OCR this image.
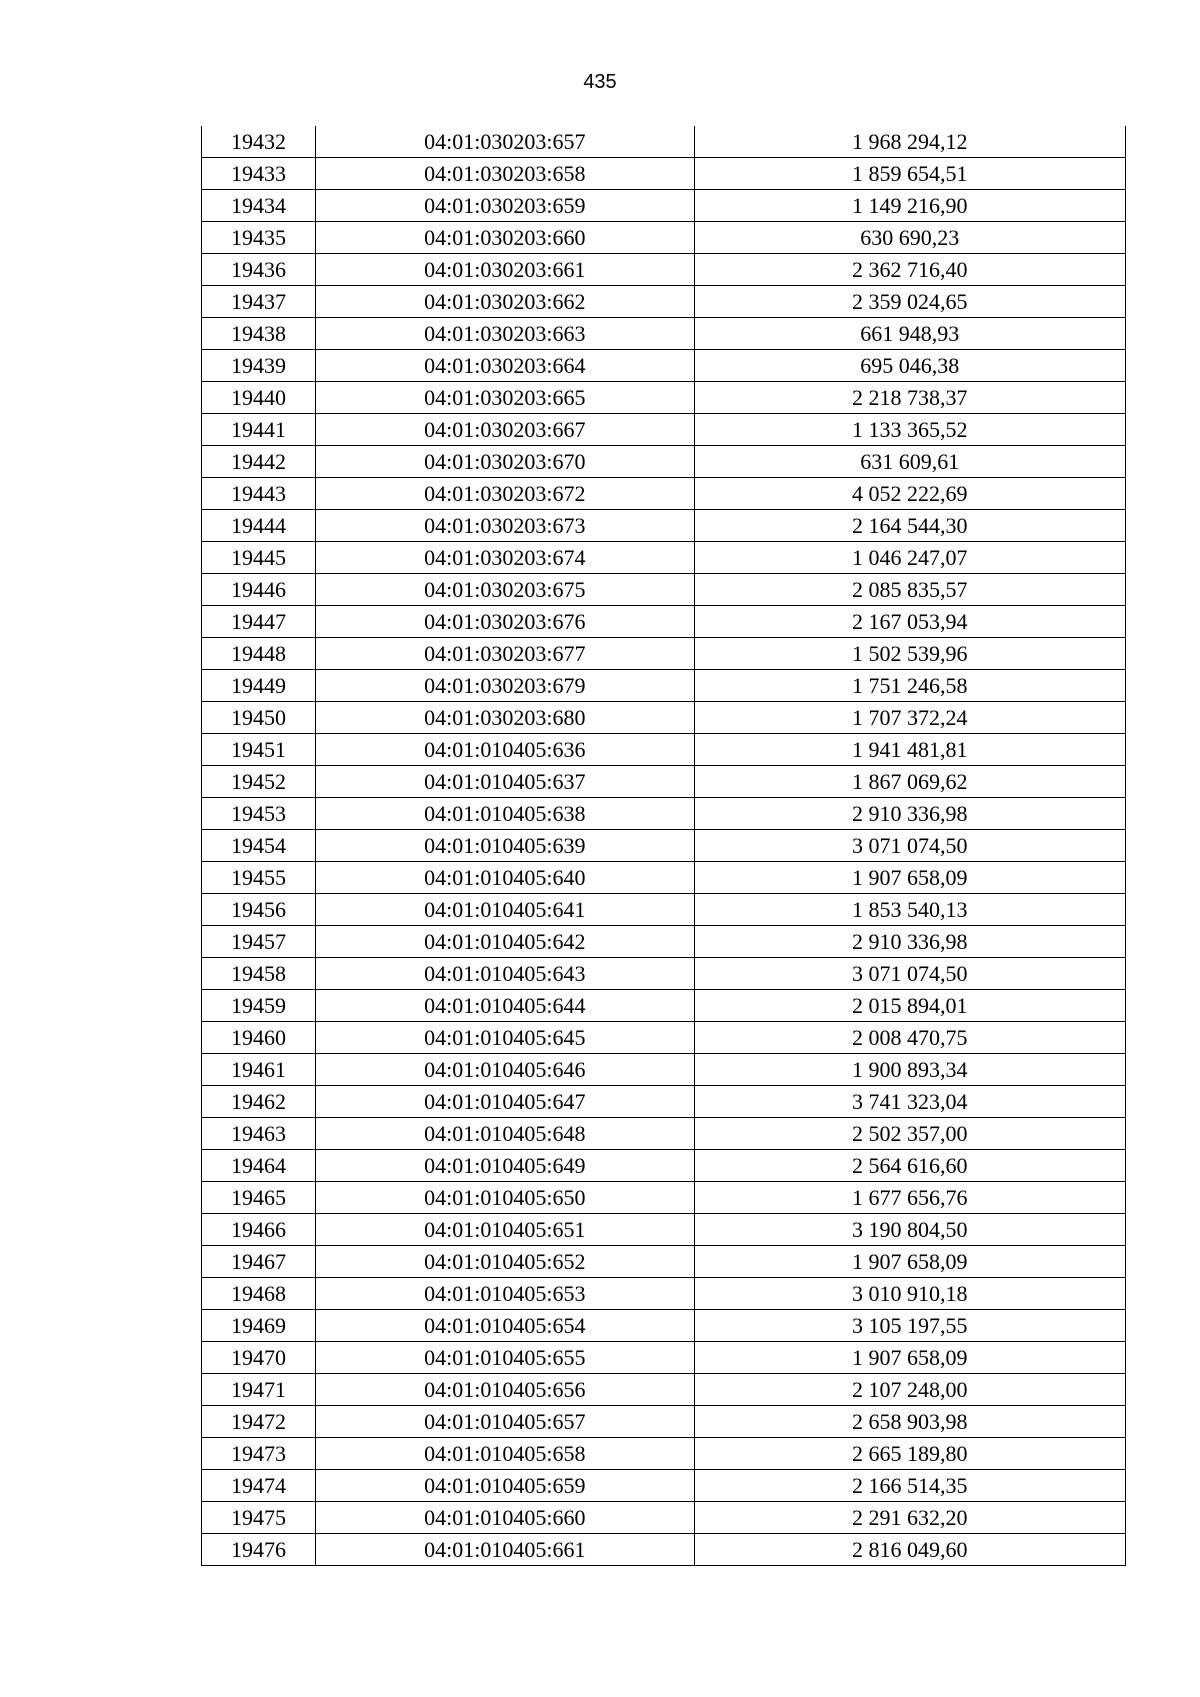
435
19432	04:01:030203:657	1 968 294,12
19433	04:01:030203:658	1 859 654,51
19434	04:01:030203:659	1 149 216,90
19435	04:01:030203:660	630 690,23
19436	04:01:030203:661	2 362 716,40
19437	04:01:030203:662	2 359 024,65
19438	04:01:030203:663	661 948,93
19439	04:01:030203:664	695 046,38
19440	04:01:030203:665	2 218 738,37
19441	04:01:030203:667	1 133 365,52
19442	04:01:030203:670	631 609,61
19443	04:01:030203:672	4 052 222,69
19444	04:01:030203:673	2 164 544,30
19445	04:01:030203:674	1 046 247,07
19446	04:01:030203:675	2 085 835,57
19447	04:01:030203:676	2 167 053,94
19448	04:01:030203:677	1 502 539,96
19449	04:01:030203:679	1 751 246,58
19450	04:01:030203:680	1 707 372,24
19451	04:01:010405:636	1 941 481,81
19452	04:01:010405:637	1 867 069,62
19453	04:01:010405:638	2 910 336,98
19454	04:01:010405:639	3 071 074,50
19455	04:01:010405:640	1 907 658,09
19456	04:01:010405:641	1 853 540,13
19457	04:01:010405:642	2 910 336,98
19458	04:01:010405:643	3 071 074,50
19459	04:01:010405:644	2 015 894,01
19460	04:01:010405:645	2 008 470,75
19461	04:01:010405:646	1 900 893,34
19462	04:01:010405:647	3 741 323,04
19463	04:01:010405:648	2 502 357,00
19464	04:01:010405:649	2 564 616,60
19465	04:01:010405:650	1 677 656,76
19466	04:01:010405:651	3 190 804,50
19467	04:01:010405:652	1 907 658,09
19468	04:01:010405:653	3 010 910,18
19469	04:01:010405:654	3 105 197,55
19470	04:01:010405:655	1 907 658,09
19471	04:01:010405:656	2 107 248,00
19472	04:01:010405:657	2 658 903,98
19473	04:01:010405:658	2 665 189,80
19474	04:01:010405:659	2 166 514,35
19475	04:01:010405:660	2 291 632,20
19476	04:01:010405:661	2 816 049,60
